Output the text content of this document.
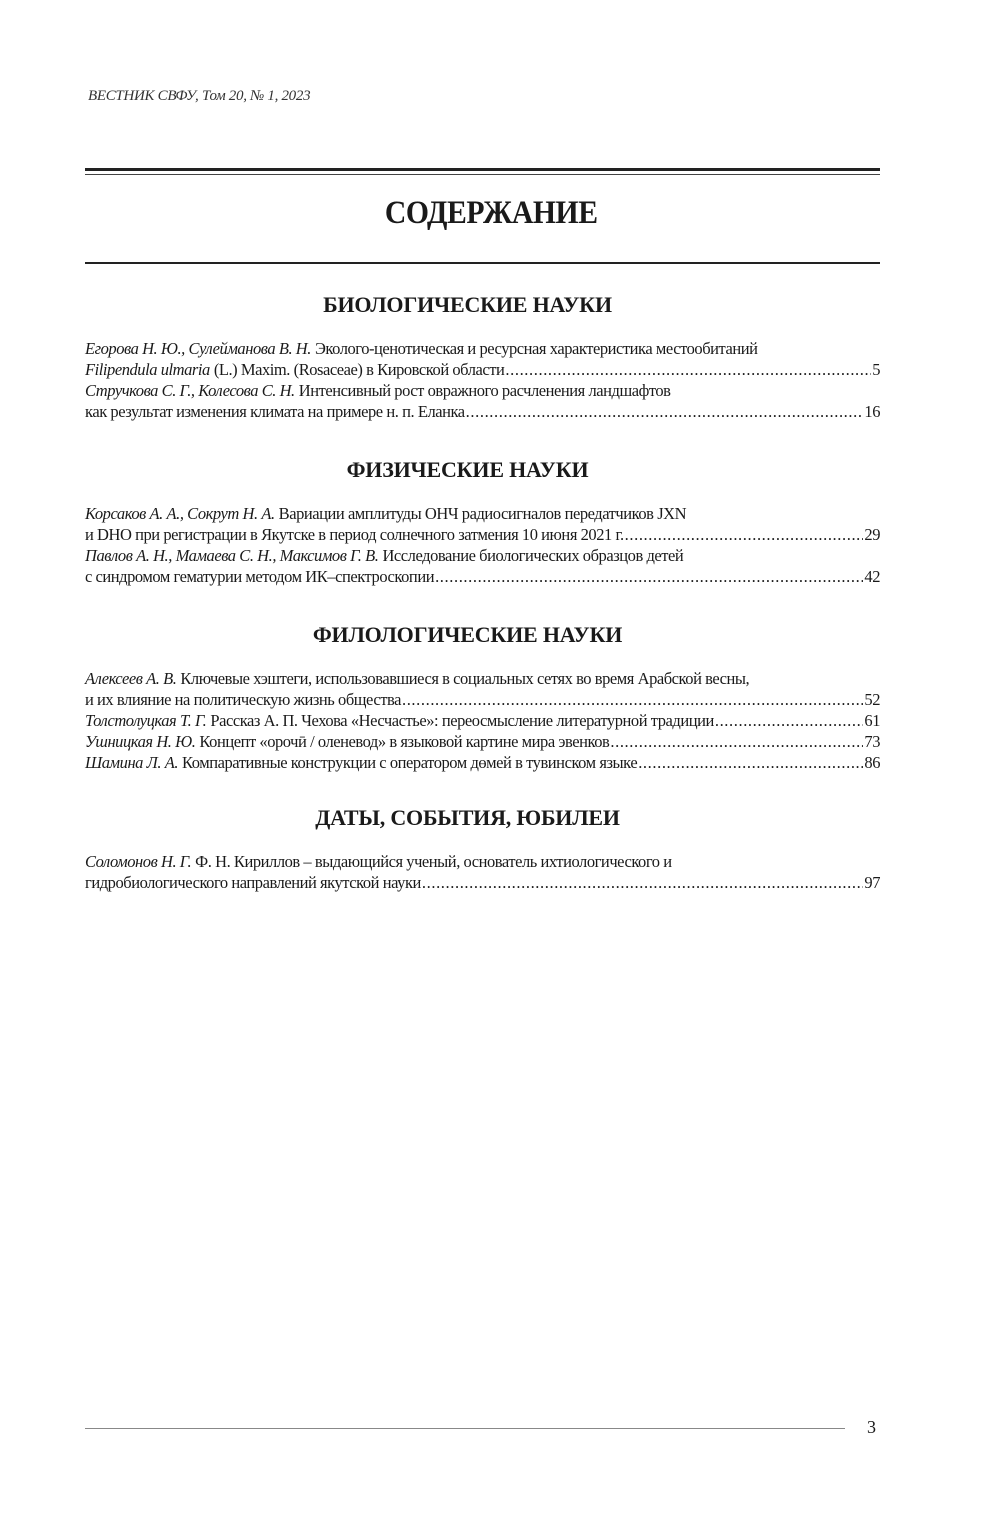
ВЕСТНИК СВФУ, Том 20, № 1, 2023
СОДЕРЖАНИЕ
БИОЛОГИЧЕСКИЕ НАУКИ
Егорова Н. Ю., Сулейманова В. Н. Эколого-ценотическая и ресурсная характеристика местообитаний
Filipendula ulmaria (L.) Maxim. (Rosaceae) в Кировской области .....	5
Стручкова С. Г., Колесова С. Н. Интенсивный рост овражного расчленения ландшафтов
как результат изменения климата на примере н. п. Еланка .....	16
ФИЗИЧЕСКИЕ НАУКИ
Корсаков А. А., Сокрут Н. А. Вариации амплитуды ОНЧ радиосигналов передатчиков JXN
и DHO при регистрации в Якутске в период солнечного затмения 10 июня 2021 г. .....	29
Павлов А. Н., Мамаева С. Н., Максимов Г. В. Исследование биологических образцов детей
с синдромом гематурии методом ИК–спектроскопии .....	42
ФИЛОЛОГИЧЕСКИЕ НАУКИ
Алексеев А. В. Ключевые хэштеги, использовавшиеся в социальных сетях во время Арабской весны,
и их влияние на политическую жизнь общества .....	52
Толстолуцкая Т. Г. Рассказ А. П. Чехова «Несчастье»: переосмысление литературной традиции .....	61
Ушницкая Н. Ю. Концепт «орочӣ / оленевод» в языковой картине мира эвенков .....	73
Шамина Л. А. Компаративные конструкции с оператором дөмей в тувинском языке .....	86
ДАТЫ, СОБЫТИЯ, ЮБИЛЕИ
Соломонов Н. Г. Ф. Н. Кириллов – выдающийся ученый, основатель ихтиологического и
гидробиологического направлений якутской науки .....	97
3
